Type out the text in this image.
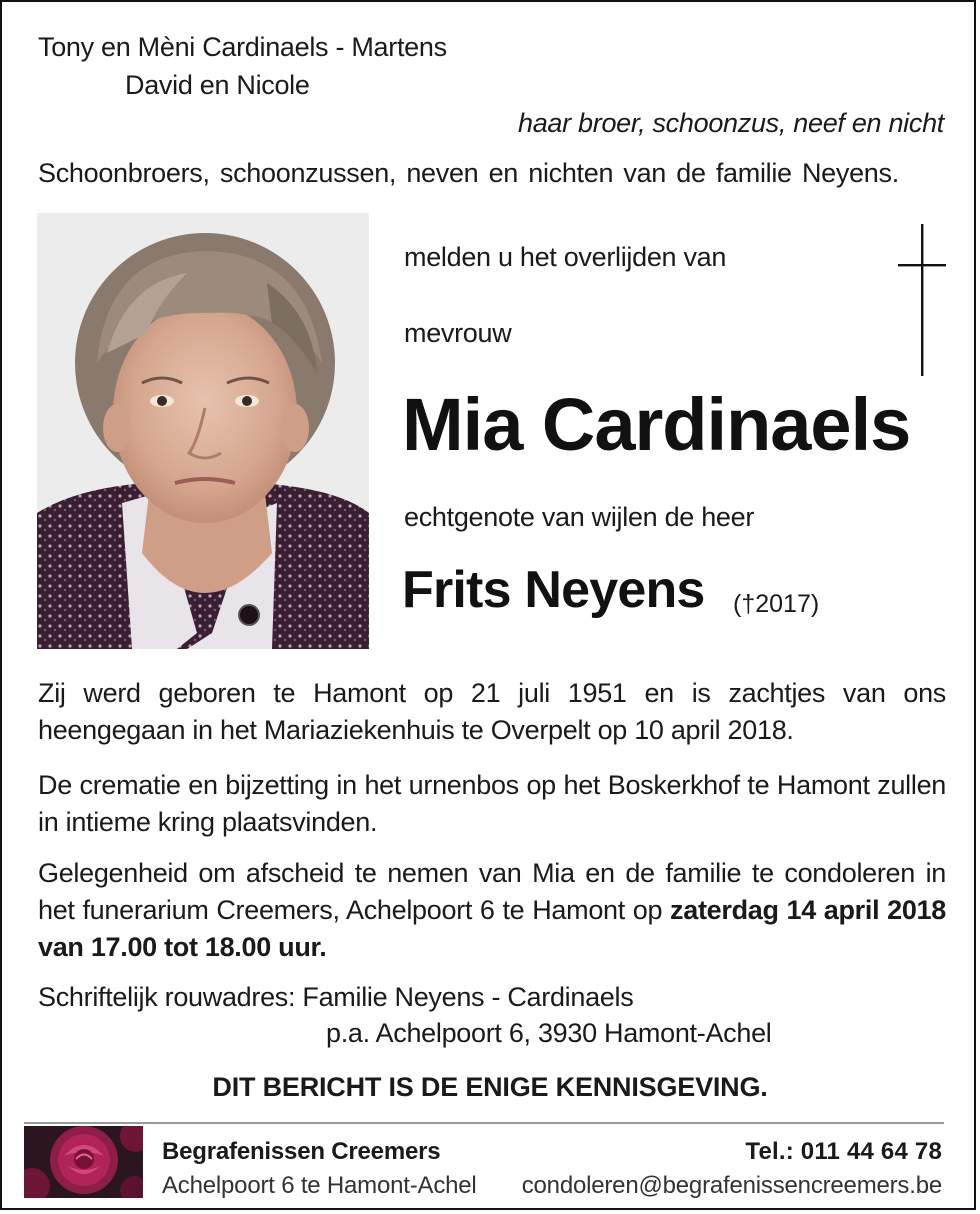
Tony en Mèni Cardinaels - Martens
David en Nicole
haar broer, schoonzus, neef en nicht
Schoonbroers, schoonzussen, neven en nichten van de familie Neyens.
melden u het overlijden van
mevrouw
Mia Cardinaels
echtgenote van wijlen de heer
Frits Neyens (†2017)
Zij werd geboren te Hamont op 21 juli 1951 en is zachtjes van ons heengegaan in het Mariaziekenhuis te Overpelt op 10 april 2018.
De crematie en bijzetting in het urnenbos op het Boskerkhof te Hamont zullen in intieme kring plaatsvinden.
Gelegenheid om afscheid te nemen van Mia en de familie te condoleren in het funerarium Creemers, Achelpoort 6 te Hamont op zaterdag 14 april 2018 van 17.00 tot 18.00 uur.
Schriftelijk rouwadres: Familie Neyens - Cardinaels
p.a. Achelpoort 6, 3930 Hamont-Achel
DIT BERICHT IS DE ENIGE KENNISGEVING.
Begrafenissen Creemers
Achelpoort 6 te Hamont-Achel
Tel.: 011 44 64 78
condoleren@begrafenissencreemers.be
